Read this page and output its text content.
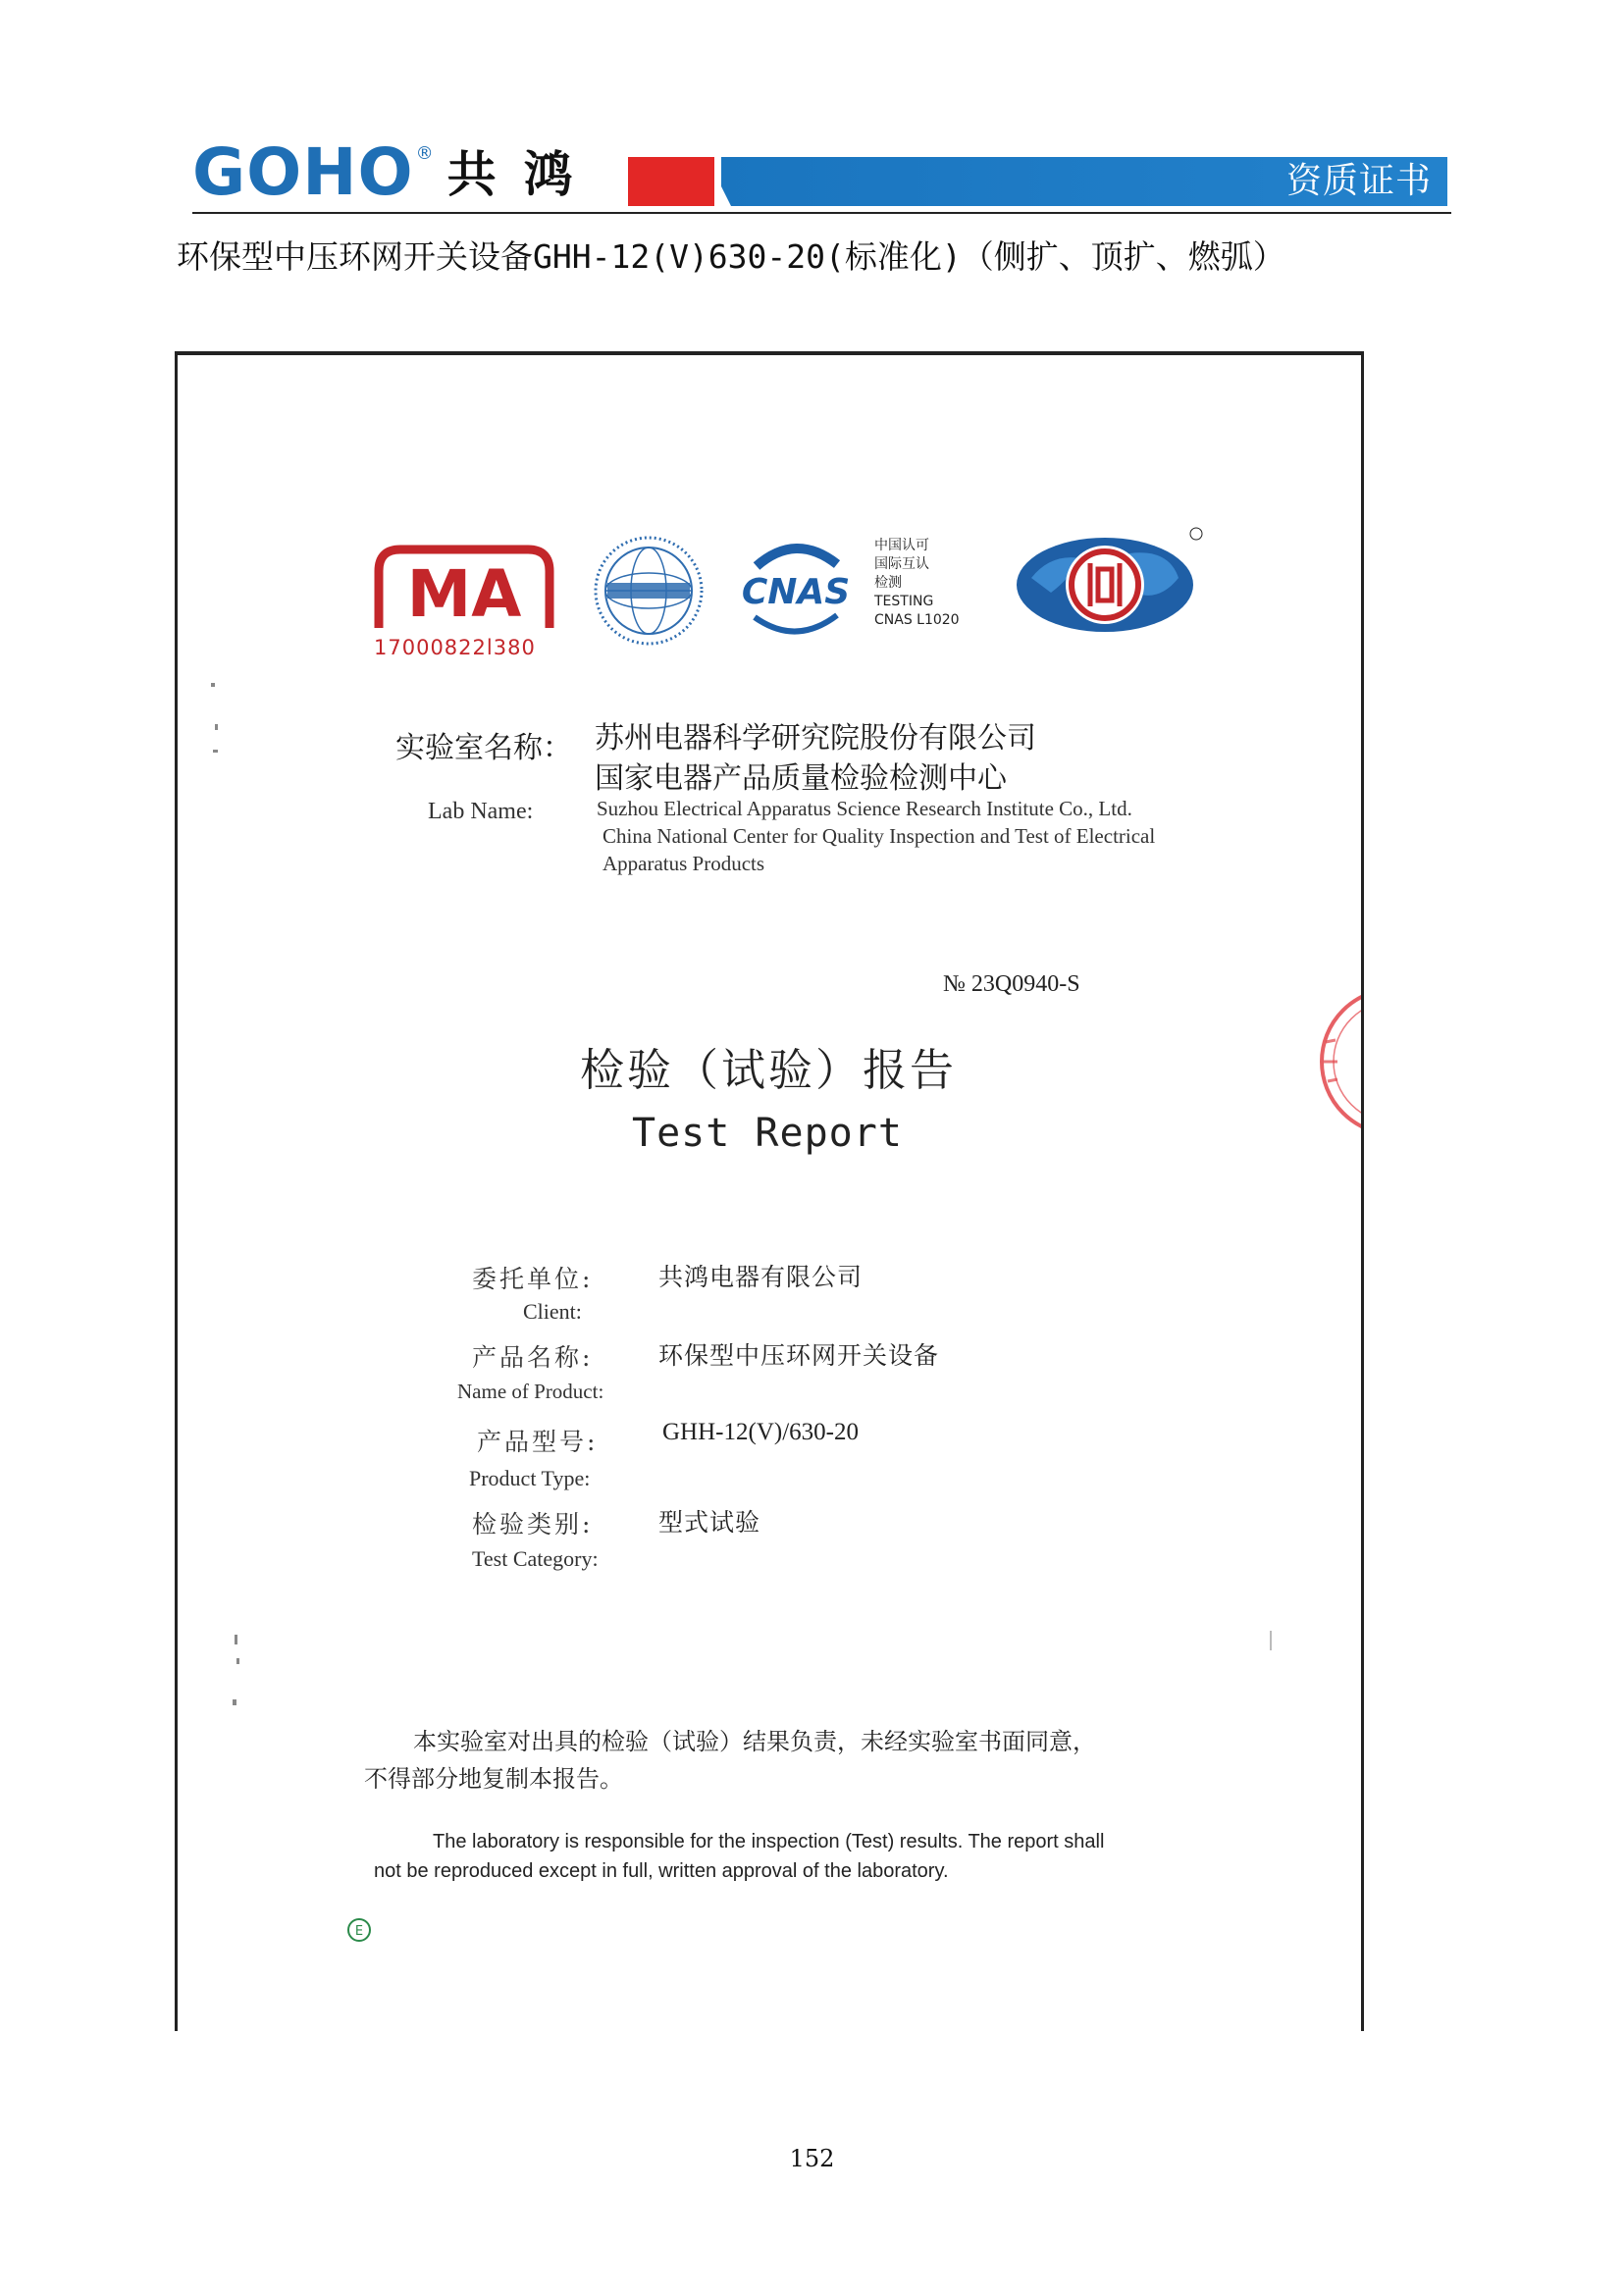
GOHO ® 共鸿	资质证书
环保型中压环网开关设备GHH-12(V)630-20(标准化)（侧扩、顶扩、燃弧）
MA
17000822l380
CNAS
中国认可
国际互认
检测
TESTING
CNAS L1020
实验室名称： 苏州电器科学研究院股份有限公司
国家电器产品质量检验检测中心
Lab Name:	Suzhou Electrical Apparatus Science Research Institute Co., Ltd.
China National Center for Quality Inspection and Test of Electrical
Apparatus Products
№ 23Q0940-S
检验（试验）报告
Test Report
委托单位:	共鸿电器有限公司
Client:
产品名称:	环保型中压环网开关设备
Name of Product:
产品型号:	GHH-12(V)/630-20
Product Type:
检验类别:	型式试验
Test Category:
本实验室对出具的检验（试验）结果负责，未经实验室书面同意，
不得部分地复制本报告。
The laboratory is responsible for the inspection (Test) results. The report shall
not be reproduced except in full, written approval of the laboratory.
E
152
